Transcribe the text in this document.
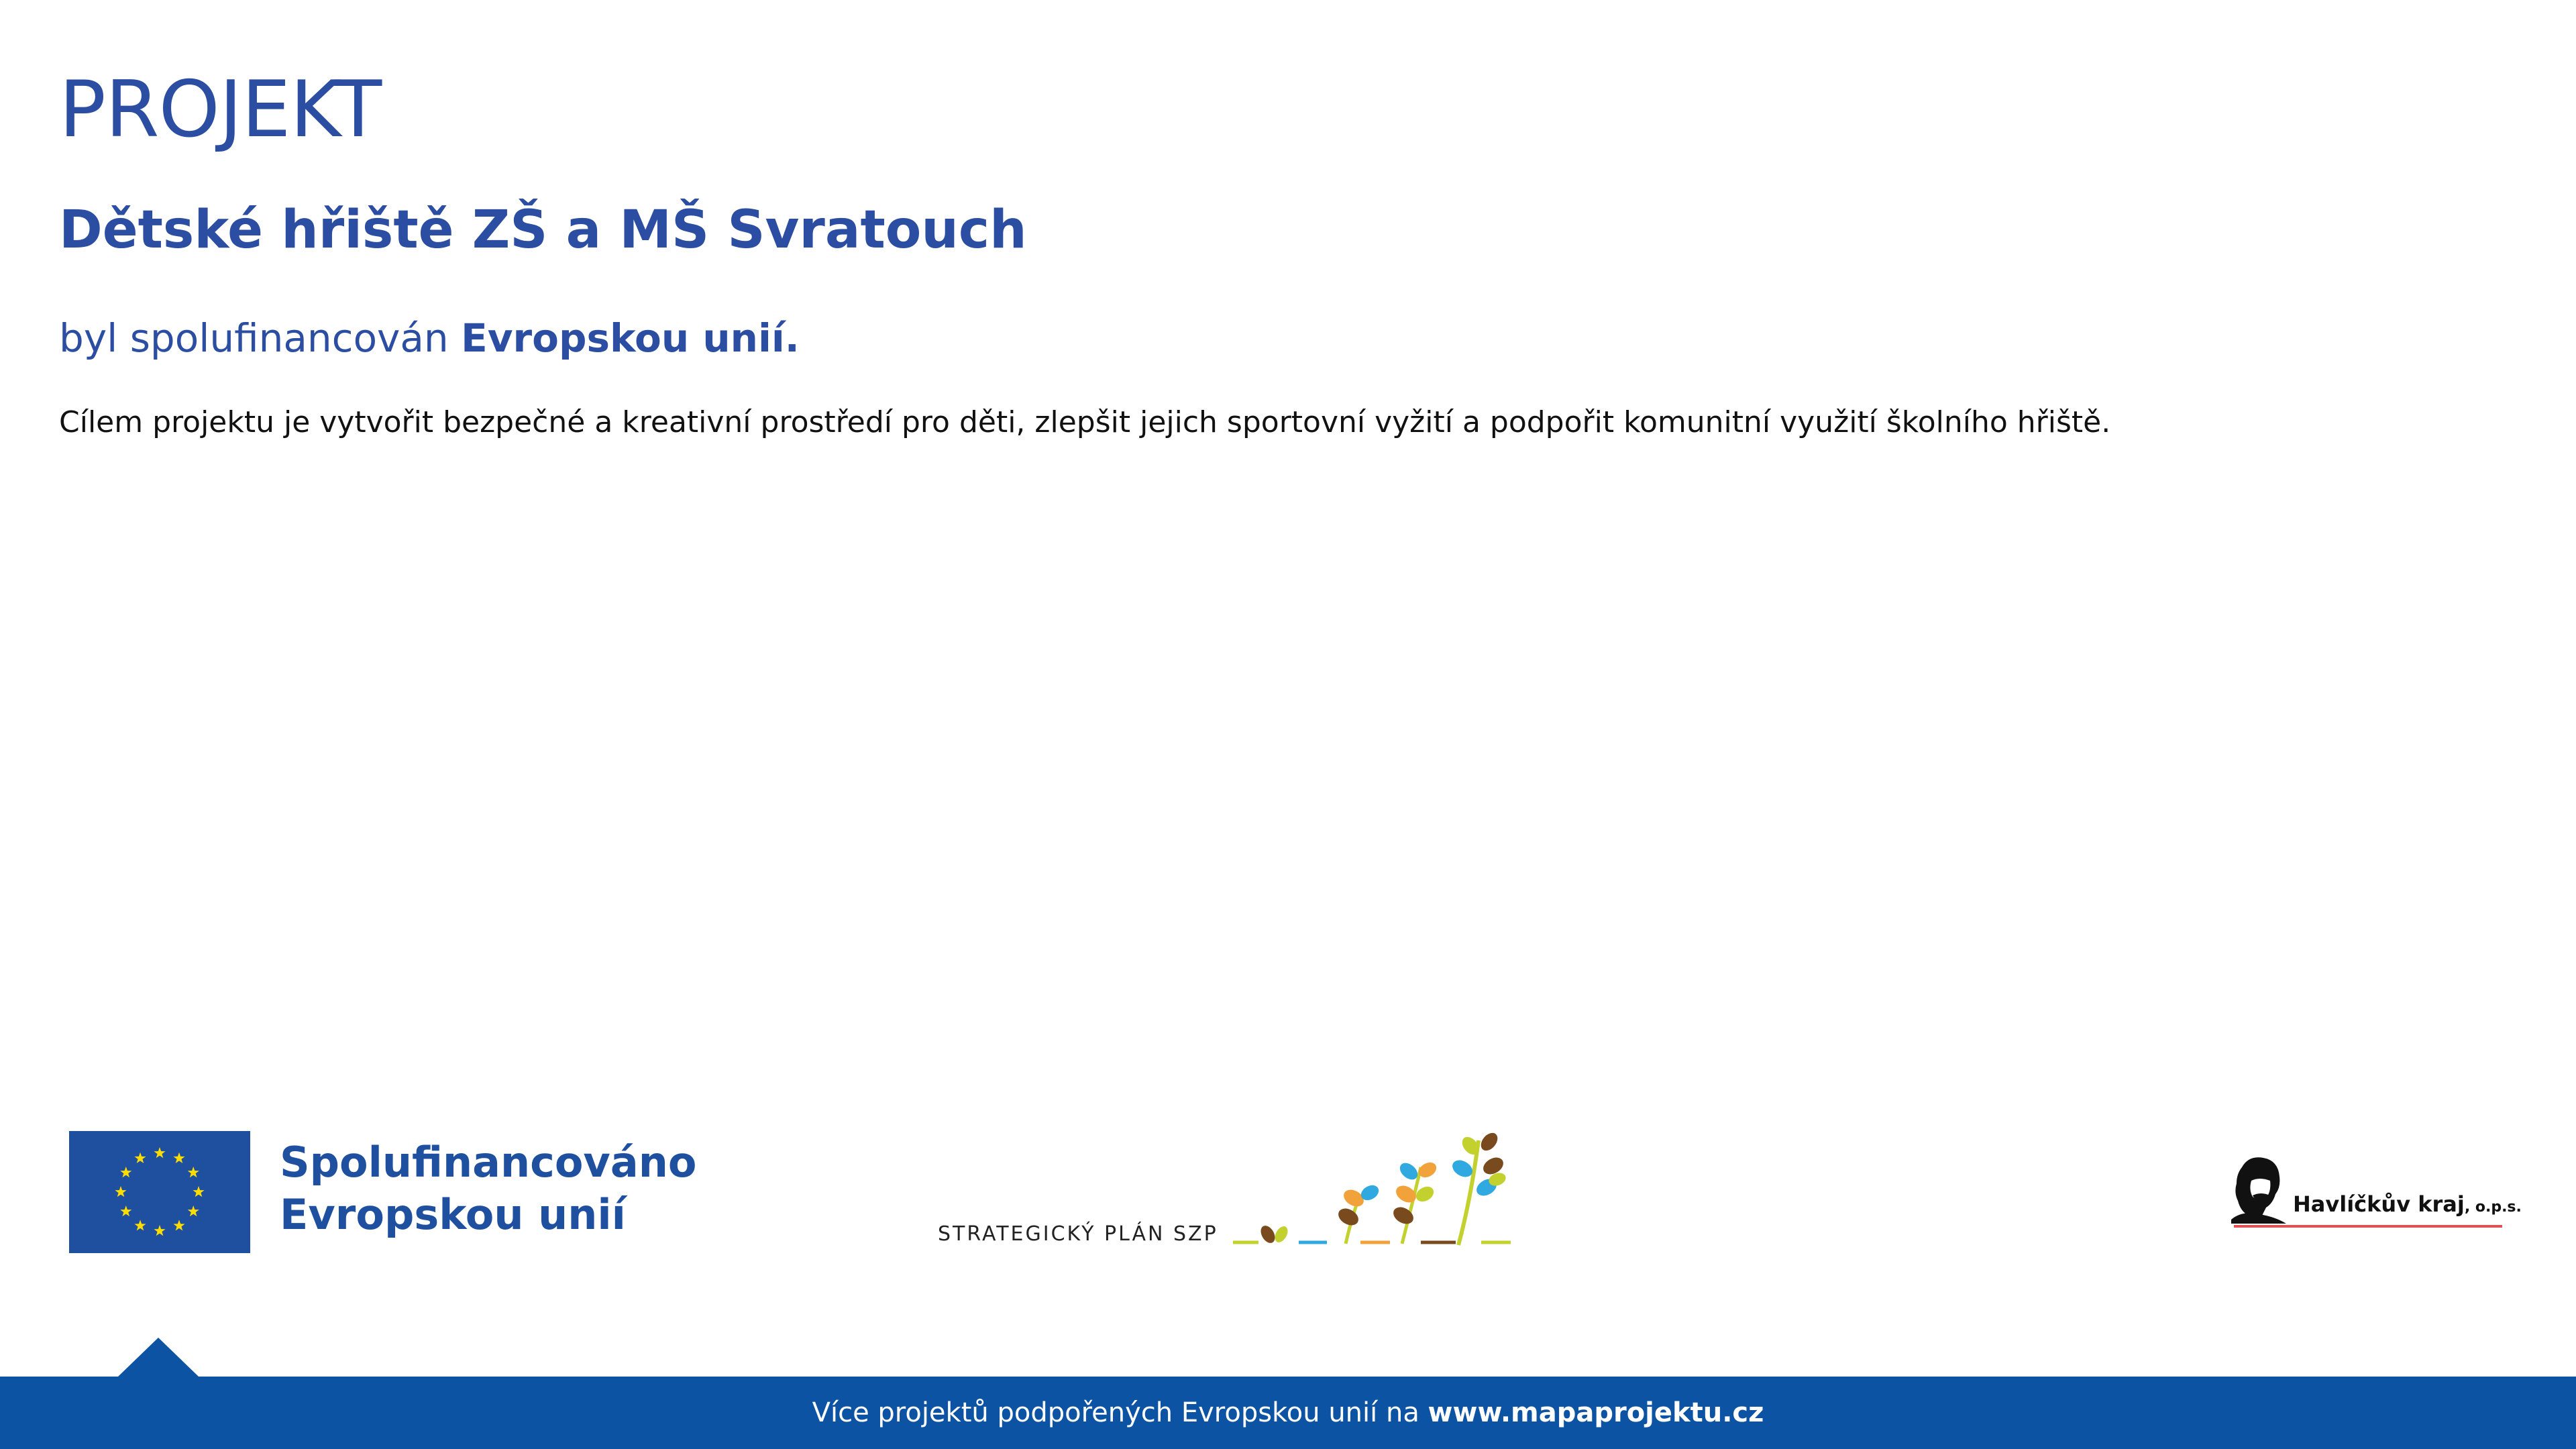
PROJEKT
Dětské hřiště ZŠ a MŠ Svratouch
byl spolufinancován Evropskou unií.
Cílem projektu je vytvořit bezpečné a kreativní prostředí pro děti, zlepšit jejich sportovní vyžití a podpořit komunitní využití školního hřiště.
Spolufinancováno
Evropskou unií	STRATEGICKÝ PLÁN SZP
Havlíčkův kraj, o.p.s.
Více projektů podpořených Evropskou unií na www.mapaprojektu.cz
